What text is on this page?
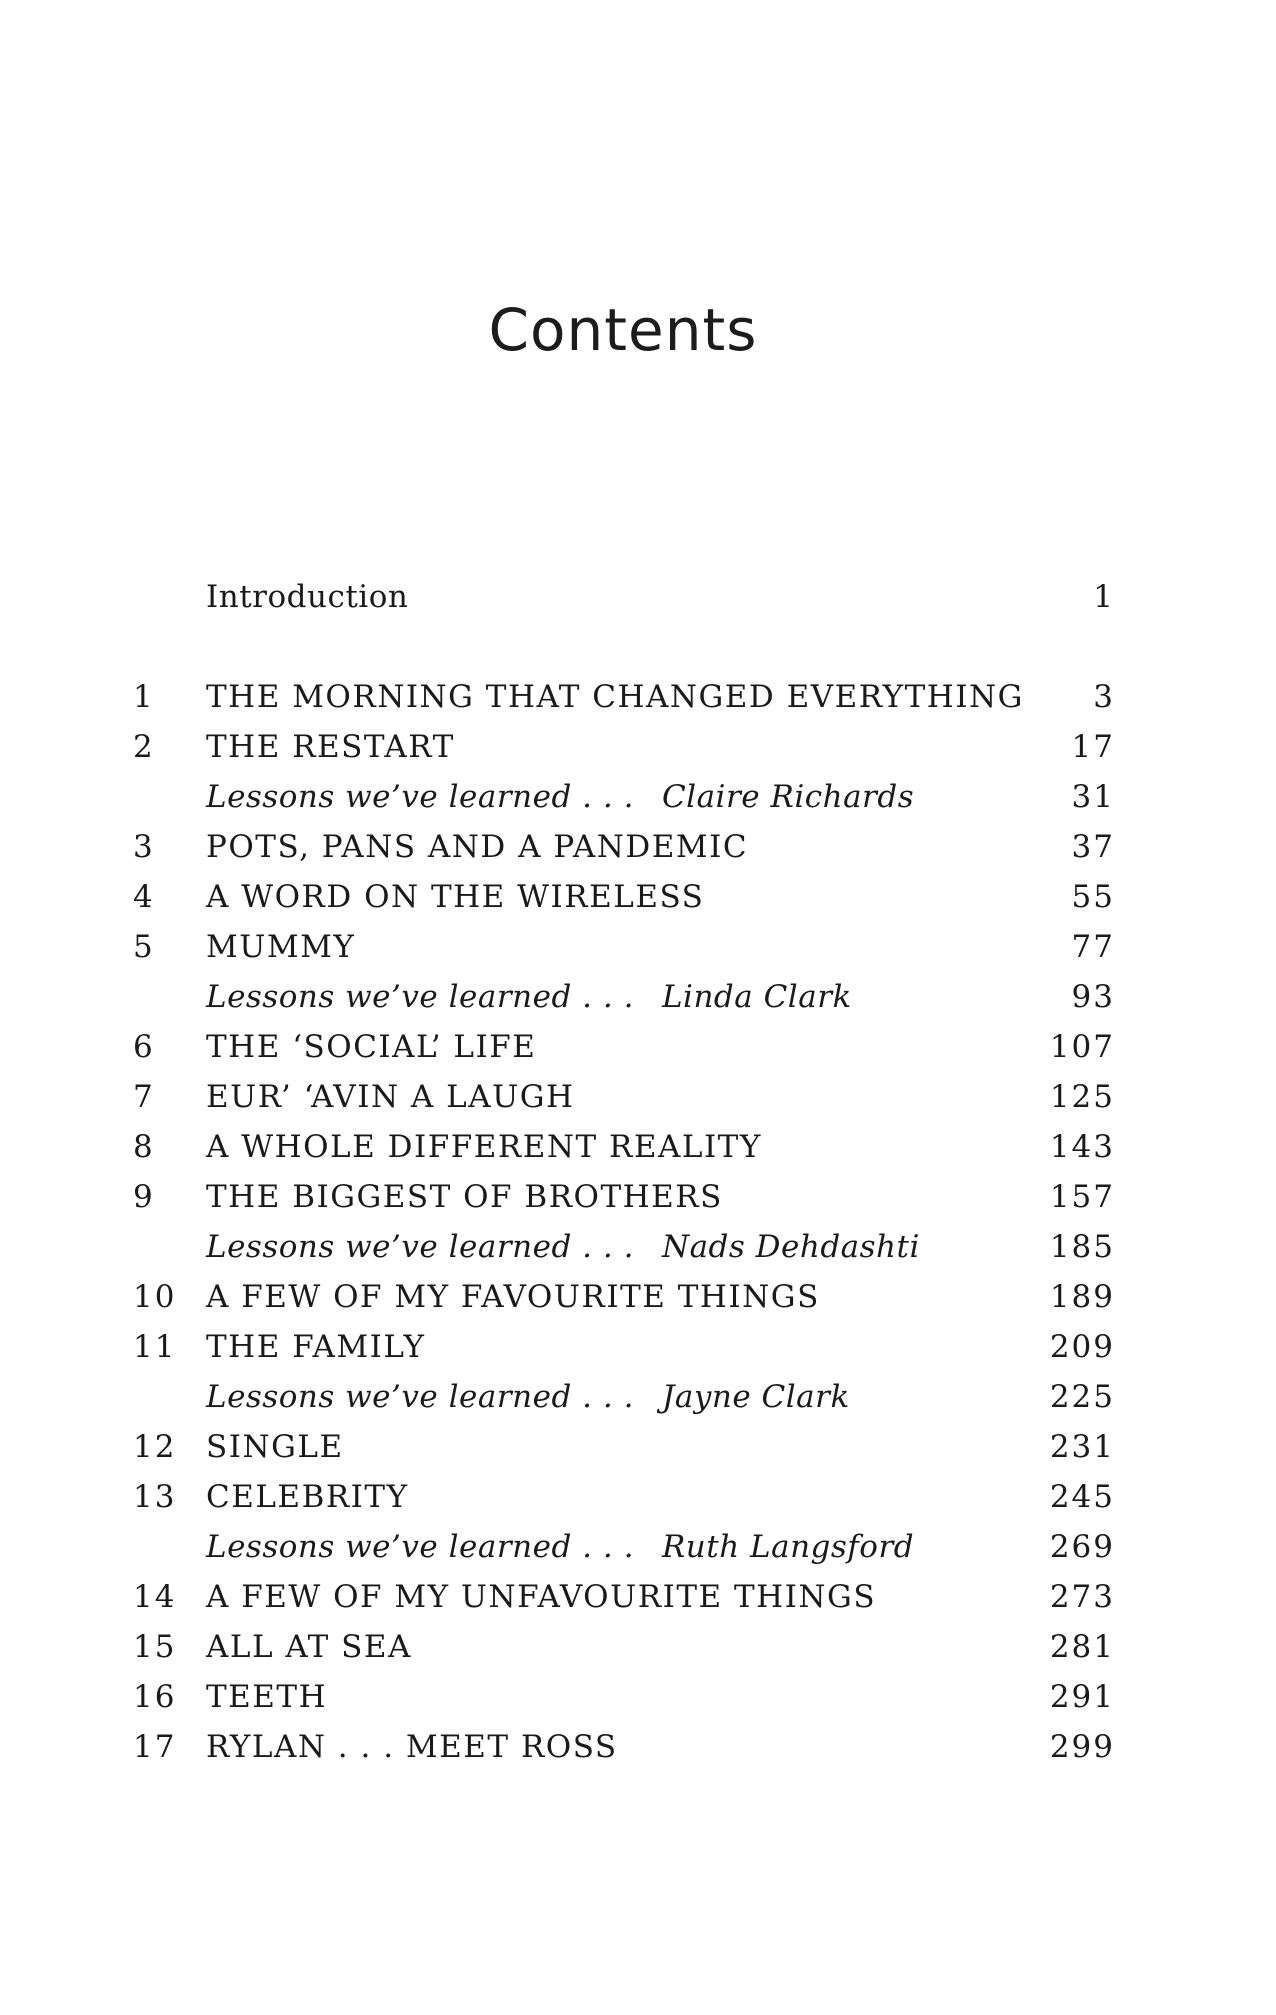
Contents
Introduction	1
1	THE MORNING THAT CHANGED EVERYTHING 3
2	THE RESTART	17
Lessons we’ve learned . . . Claire Richards	31
3	POTS, PANS AND A PANDEMIC	37
4	A WORD ON THE WIRELESS	55
5	MUMMY	77
Lessons we’ve learned . . . Linda Clark	93
6	THE ‘SOCIAL’ LIFE	107
7	EUR’ ‘AVIN A LAUGH	125
8	A WHOLE DIFFERENT REALITY	143
9	THE BIGGEST OF BROTHERS	157
Lessons we’ve learned . . . Nads Dehdashti	185
10 A FEW OF MY FAVOURITE THINGS	189
11 THE FAMILY	209
Lessons we’ve learned . . . Jayne Clark	225
12 SINGLE	231
13 CELEBRITY	245
Lessons we’ve learned . . . Ruth Langsford	269
14 A FEW OF MY UNFAVOURITE THINGS	273
15 ALL AT SEA	281
16 TEETH	291
17 RYLAN . . . MEET ROSS	299
